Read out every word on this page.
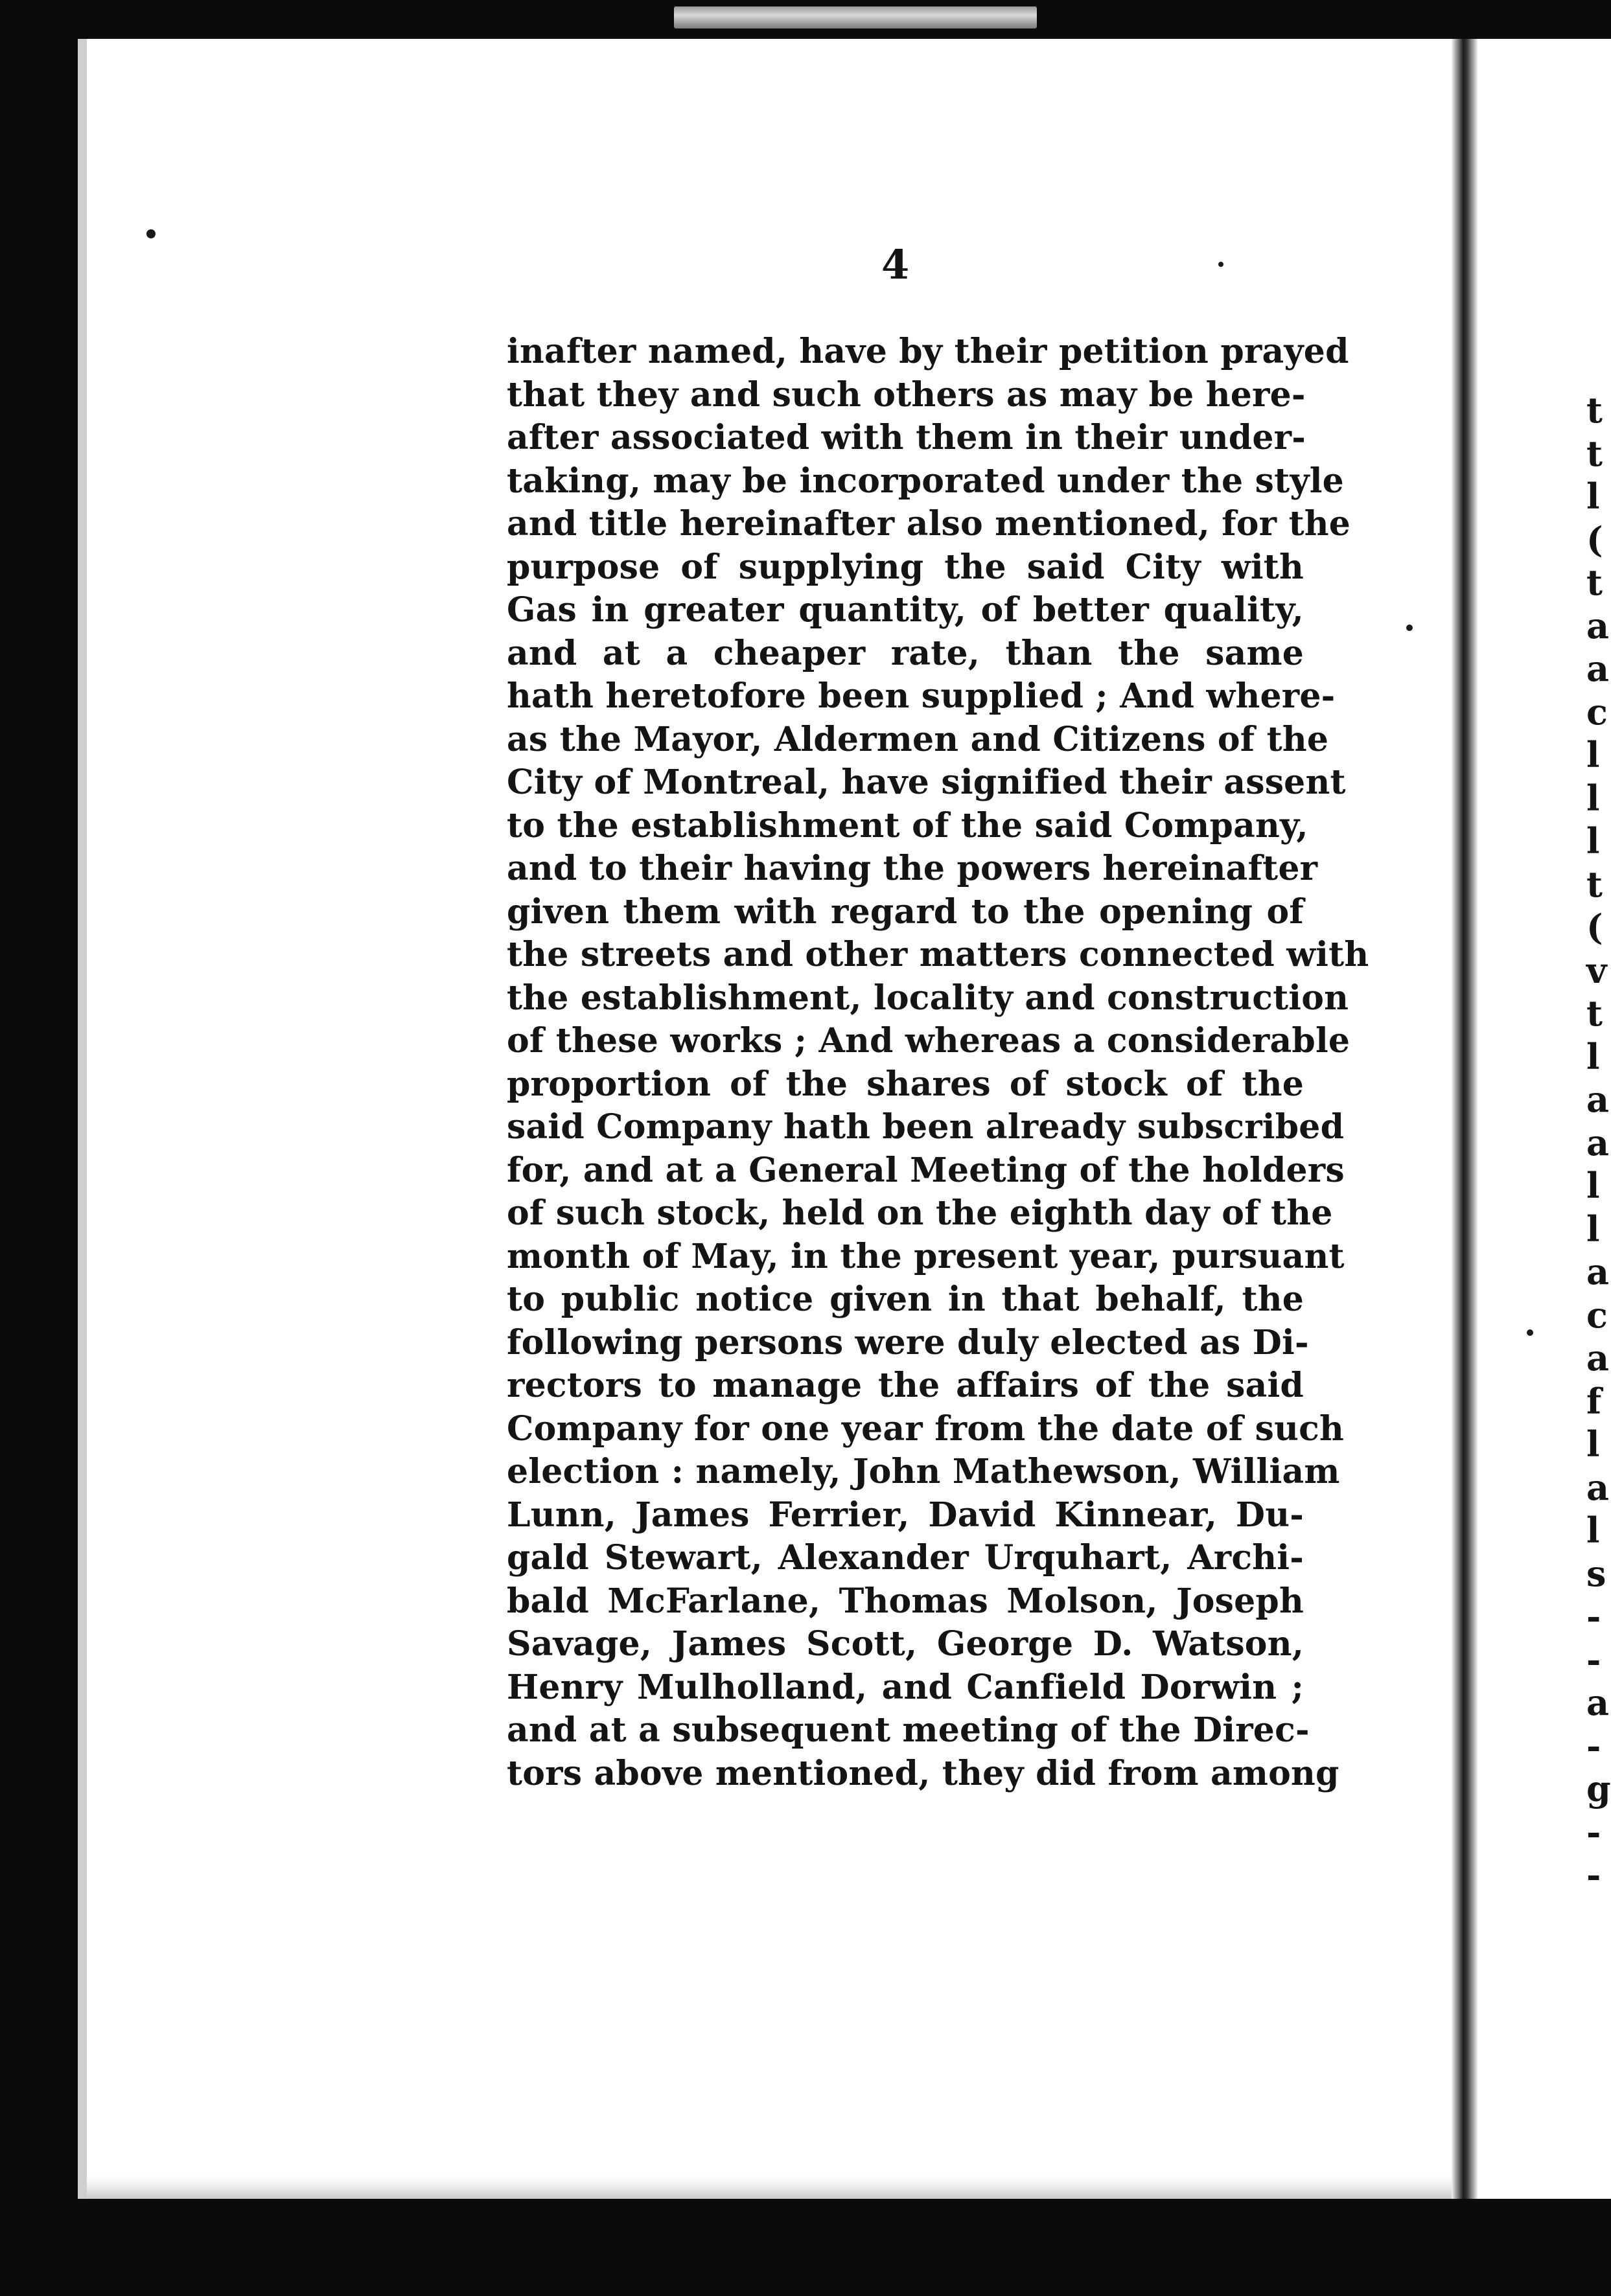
t
t
l
(
t
a
a
c
l
l
l
t
(
v
t
l
a
a
l
l
a
c
a
f
l
a
l
s
-
-
a
-
g
-
-
4
inafter named, have by their petition prayed
that they and such others as may be here-
after associated with them in their under-
taking, may be incorporated under the style
and title hereinafter also mentioned, for the
purpose of supplying the said City with
Gas in greater quantity, of better quality,
and at a cheaper rate, than the same
hath heretofore been supplied ; And where-
as the Mayor, Aldermen and Citizens of the
City of Montreal, have signified their assent
to the establishment of the said Company,
and to their having the powers hereinafter
given them with regard to the opening of
the streets and other matters connected with
the establishment, locality and construction
of these works ; And whereas a considerable
proportion of the shares of stock of the
said Company hath been already subscribed
for, and at a General Meeting of the holders
of such stock, held on the eighth day of the
month of May, in the present year, pursuant
to public notice given in that behalf, the
following persons were duly elected as Di-
rectors to manage the affairs of the said
Company for one year from the date of such
election : namely, John Mathewson, William
Lunn, James Ferrier, David Kinnear, Du-
gald Stewart, Alexander Urquhart, Archi-
bald McFarlane, Thomas Molson, Joseph
Savage, James Scott, George D. Watson,
Henry Mulholland, and Canfield Dorwin ;
and at a subsequent meeting of the Direc-
tors above mentioned, they did from among
